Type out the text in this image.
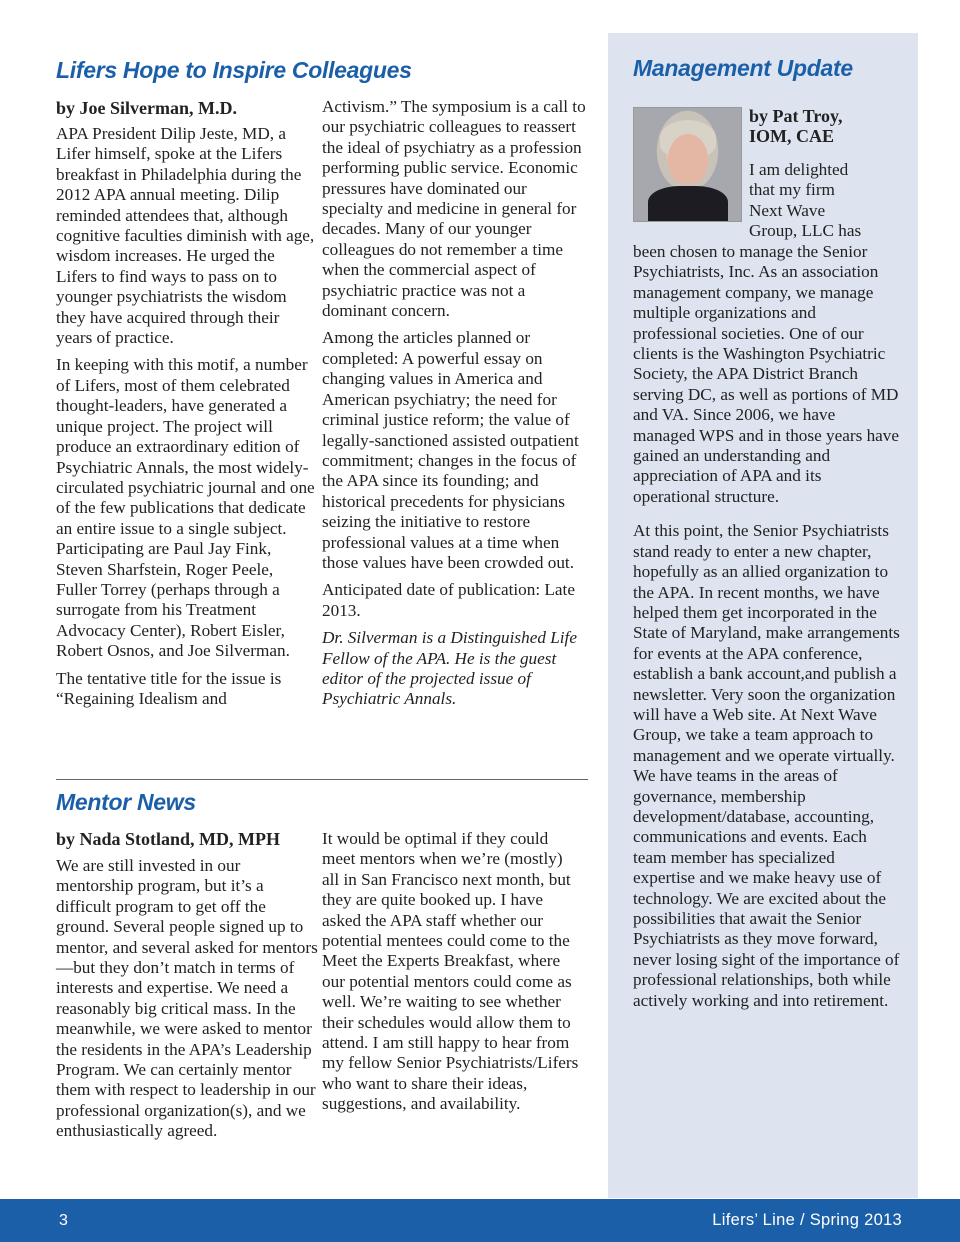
Lifers Hope to Inspire Colleagues
by Joe Silverman, M.D.

APA President Dilip Jeste, MD, a Lifer himself, spoke at the Lifers breakfast in Philadelphia during the 2012 APA annual meeting. Dilip reminded attendees that, although cognitive faculties diminish with age, wisdom increases. He urged the Lifers to find ways to pass on to younger psychiatrists the wisdom they have acquired through their years of practice.

In keeping with this motif, a number of Lifers, most of them celebrated thought-leaders, have generated a unique project. The project will produce an extraordinary edition of Psychiatric Annals, the most widely-circulated psychiatric journal and one of the few publications that dedicate an entire issue to a single subject. Participating are Paul Jay Fink, Steven Sharfstein, Roger Peele, Fuller Torrey (perhaps through a surrogate from his Treatment Advocacy Center), Robert Eisler, Robert Osnos, and Joe Silverman.

The tentative title for the issue is “Regaining Idealism and

Activism.” The symposium is a call to our psychiatric colleagues to reassert the ideal of psychiatry as a profession performing public service. Economic pressures have dominated our specialty and medicine in general for decades. Many of our younger colleagues do not remember a time when the commercial aspect of psychiatric practice was not a dominant concern.

Among the articles planned or completed: A powerful essay on changing values in America and American psychiatry; the need for criminal justice reform; the value of legally-sanctioned assisted outpatient commitment; changes in the focus of the APA since its founding; and historical precedents for physicians seizing the initiative to restore professional values at a time when those values have been crowded out.

Anticipated date of publication: Late 2013.

Dr. Silverman is a Distinguished Life Fellow of the APA. He is the guest editor of the projected issue of Psychiatric Annals.

Mentor News
by Nada Stotland, MD, MPH

We are still invested in our mentorship program, but it’s a difficult program to get off the ground. Several people signed up to mentor, and several asked for mentors—but they don’t match in terms of interests and expertise. We need a reasonably big critical mass. In the meanwhile, we were asked to mentor the residents in the APA’s Leadership Program. We can certainly mentor them with respect to leadership in our professional organization(s), and we enthusiastically agreed.

It would be optimal if they could meet mentors when we’re (mostly) all in San Francisco next month, but they are quite booked up. I have asked the APA staff whether our potential mentees could come to the Meet the Experts Breakfast, where our potential mentors could come as well. We’re waiting to see whether their schedules would allow them to attend. I am still happy to hear from my fellow Senior Psychiatrists/Lifers who want to share their ideas, suggestions, and availability.

Management Update
by Pat Troy,
IOM, CAE
I am delighted
that my firm
Next Wave
Group, LLC has

been chosen to manage the Senior Psychiatrists, Inc. As an association management company, we manage multiple organizations and professional societies. One of our clients is the Washington Psychiatric Society, the APA District Branch serving DC, as well as portions of MD and VA. Since 2006, we have managed WPS and in those years have gained an understanding and appreciation of APA and its operational structure.

At this point, the Senior Psychiatrists stand ready to enter a new chapter, hopefully as an allied organization to the APA. In recent months, we have helped them get incorporated in the State of Maryland, make arrangements for events at the APA conference, establish a bank account,and publish a newsletter. Very soon the organization will have a Web site. At Next Wave Group, we take a team approach to management and we operate virtually. We have teams in the areas of governance, membership development/database, accounting, communications and events. Each team member has specialized expertise and we make heavy use of technology. We are excited about the possibilities that await the Senior Psychiatrists as they move forward, never losing sight of the importance of professional relationships, both while actively working and into retirement.

3	Lifers’ Line / Spring 2013
